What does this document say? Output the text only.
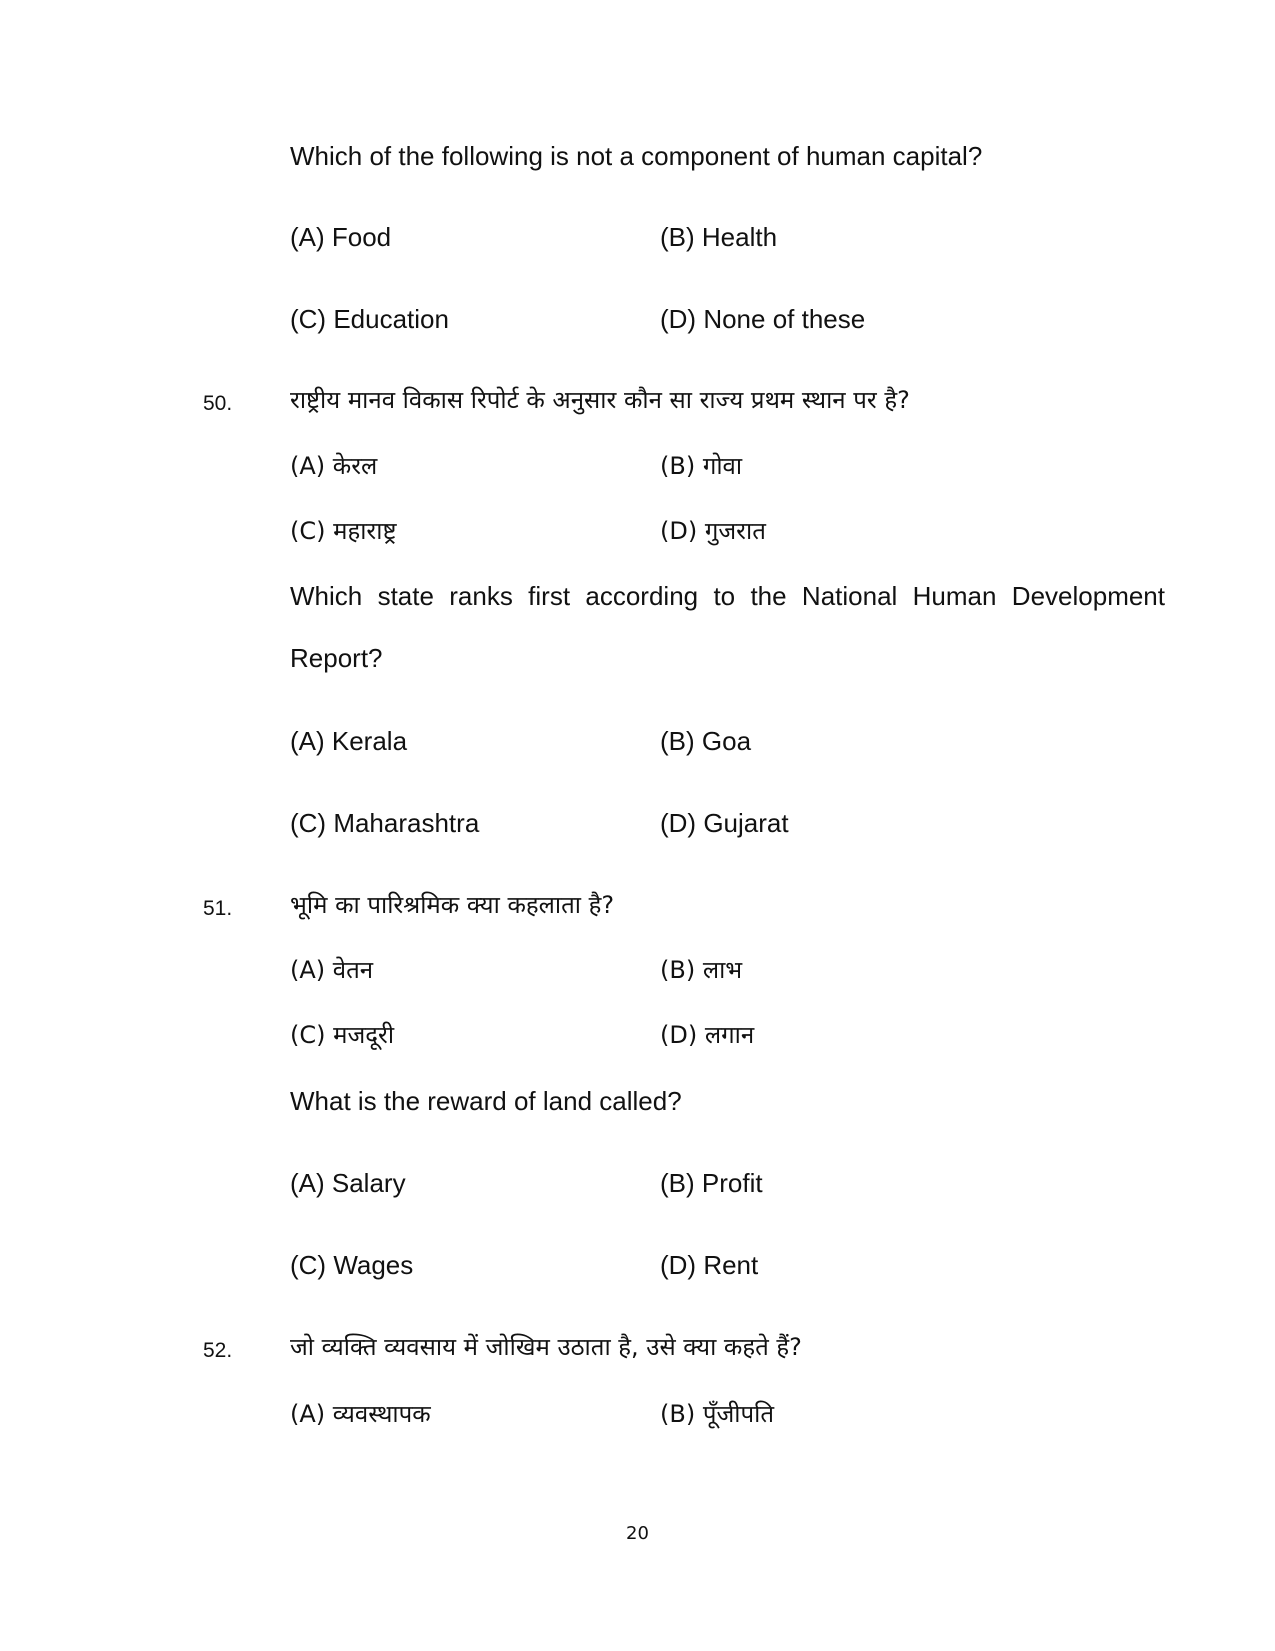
Which of the following is not a component of human capital?
(A) Food	(B) Health
(C) Education	(D) None of these
50. राष्ट्रीय मानव विकास रिपोर्ट के अनुसार कौन सा राज्य प्रथम स्थान पर है?
(A) केरल	(B) गोवा
(C) महाराष्ट्र	(D) गुजरात
Which state ranks first according to the National Human Development
Report?
(A) Kerala	(B) Goa
(C) Maharashtra	(D) Gujarat
51. भूमि का पारिश्रमिक क्या कहलाता है?
(A) वेतन	(B) लाभ
(C) मजदूरी	(D) लगान
What is the reward of land called?
(A) Salary	(B) Profit
(C) Wages	(D) Rent
52. जो व्यक्ति व्यवसाय में जोखिम उठाता है, उसे क्या कहते हैं?
(A) व्यवस्थापक	(B) पूँजीपति
20
